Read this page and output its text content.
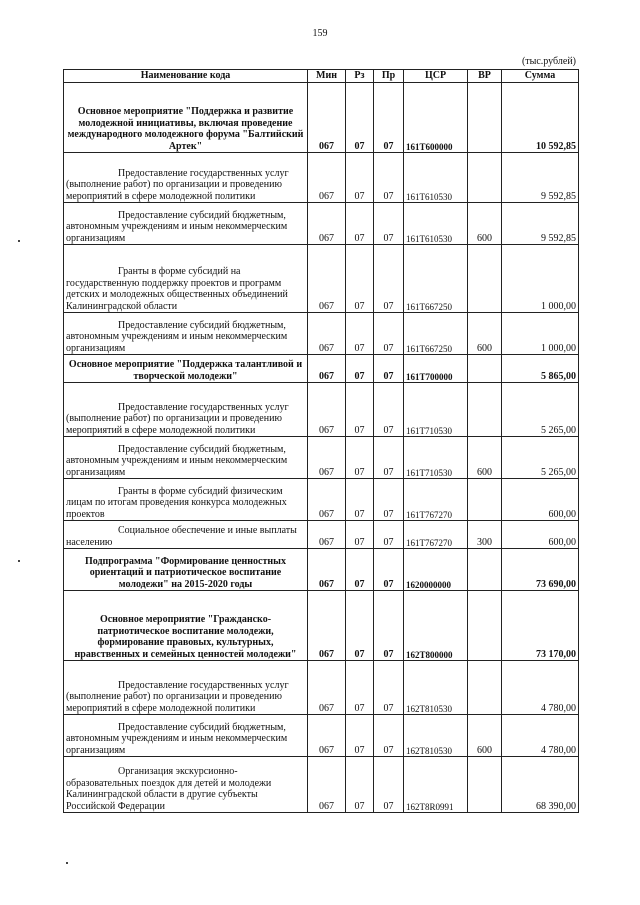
159
(тыс.рублей)
Наименование кода	Мин	Рз	Пр	ЦСР	ВР	Сумма
Основное мероприятие "Поддержка и развитие молодежной инициативы, включая проведение международного молодежного форума "Балтийский Артек"	067	07	07	161Т600000		10 592,85

Предоставление государственных услуг (выполнение работ) по организации и проведению мероприятий в сфере молодежной политики	067	07	07	161Т610530		9 592,85

Предоставление субсидий бюджетным, автономным учреждениям и иным некоммерческим организациям	067	07	07	161Т610530	600	9 592,85

Гранты в форме субсидий на государственную поддержку проектов и программ детских и молодежных общественных объединений Калининградской области	067	07	07	161Т667250		1 000,00

Предоставление субсидий бюджетным, автономным учреждениям и иным некоммерческим организациям	067	07	07	161Т667250	600	1 000,00
Основное мероприятие "Поддержка талантливой и творческой молодежи"	067	07	07	161Т700000		5 865,00

Предоставление государственных услуг (выполнение работ) по организации и проведению мероприятий в сфере молодежной политики	067	07	07	161Т710530		5 265,00

Предоставление субсидий бюджетным, автономным учреждениям и иным некоммерческим организациям	067	07	07	161Т710530	600	5 265,00

Гранты в форме субсидий физическим лицам по итогам проведения конкурса молодежных проектов	067	07	07	161Т767270		600,00

Социальное обеспечение и иные выплаты населению	067	07	07	161Т767270	300	600,00
Подпрограмма "Формирование ценностных ориентаций и патриотическое воспитание молодежи" на 2015-2020 годы	067	07	07	1620000000		73 690,00
Основное мероприятие "Гражданско-патриотическое воспитание молодежи, формирование правовых, культурных, нравственных и семейных ценностей молодежи"	067	07	07	162Т800000		73 170,00

Предоставление государственных услуг (выполнение работ) по организации и проведению мероприятий в сфере молодежной политики	067	07	07	162Т810530		4 780,00

Предоставление субсидий бюджетным, автономным учреждениям и иным некоммерческим организациям	067	07	07	162Т810530	600	4 780,00

Организация экскурсионно-образовательных поездок для детей и молодежи Калининградской области в другие субъекты Российской Федерации	067	07	07	162Т8R0991		68 390,00
